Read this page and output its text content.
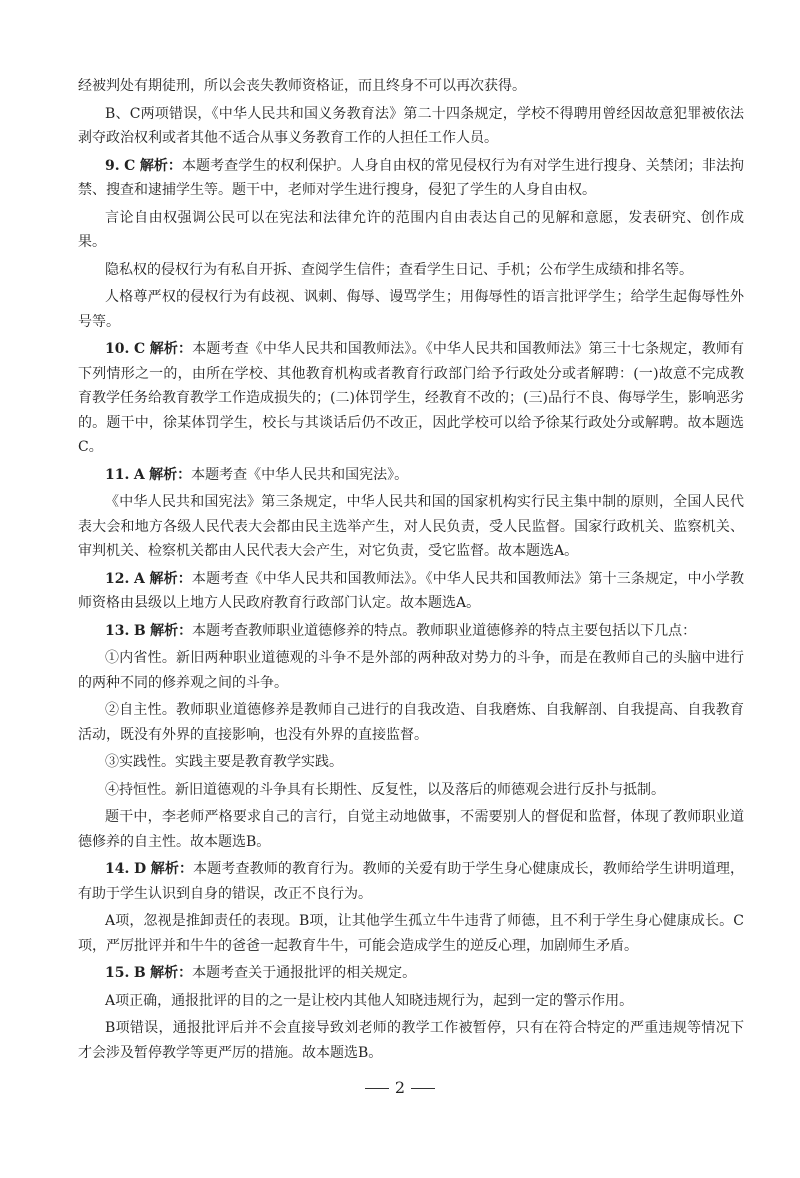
经被判处有期徒刑，所以会丧失教师资格证，而且终身不可以再次获得。

B、C两项错误，《中华人民共和国义务教育法》第二十四条规定，学校不得聘用曾经因故意犯罪被依法剥夺政治权利或者其他不适合从事义务教育工作的人担任工作人员。

9. C 解析：本题考查学生的权利保护。人身自由权的常见侵权行为有对学生进行搜身、关禁闭；非法拘禁、搜查和逮捕学生等。题干中，老师对学生进行搜身，侵犯了学生的人身自由权。

言论自由权强调公民可以在宪法和法律允许的范围内自由表达自己的见解和意愿，发表研究、创作成果。

隐私权的侵权行为有私自开拆、查阅学生信件；查看学生日记、手机；公布学生成绩和排名等。

人格尊严权的侵权行为有歧视、讽刺、侮辱、谩骂学生；用侮辱性的语言批评学生；给学生起侮辱性外号等。

10. C 解析：本题考查《中华人民共和国教师法》。《中华人民共和国教师法》第三十七条规定，教师有下列情形之一的，由所在学校、其他教育机构或者教育行政部门给予行政处分或者解聘：(一)故意不完成教育教学任务给教育教学工作造成损失的；(二)体罚学生，经教育不改的；(三)品行不良、侮辱学生，影响恶劣的。题干中，徐某体罚学生，校长与其谈话后仍不改正，因此学校可以给予徐某行政处分或解聘。故本题选C。

11. A 解析：本题考查《中华人民共和国宪法》。

《中华人民共和国宪法》第三条规定，中华人民共和国的国家机构实行民主集中制的原则，全国人民代表大会和地方各级人民代表大会都由民主选举产生，对人民负责，受人民监督。国家行政机关、监察机关、审判机关、检察机关都由人民代表大会产生，对它负责，受它监督。故本题选A。

12. A 解析：本题考查《中华人民共和国教师法》。《中华人民共和国教师法》第十三条规定，中小学教师资格由县级以上地方人民政府教育行政部门认定。故本题选A。

13. B 解析：本题考查教师职业道德修养的特点。教师职业道德修养的特点主要包括以下几点：

①内省性。新旧两种职业道德观的斗争不是外部的两种敌对势力的斗争，而是在教师自己的头脑中进行的两种不同的修养观之间的斗争。

②自主性。教师职业道德修养是教师自己进行的自我改造、自我磨炼、自我解剖、自我提高、自我教育活动，既没有外界的直接影响，也没有外界的直接监督。

③实践性。实践主要是教育教学实践。

④持恒性。新旧道德观的斗争具有长期性、反复性，以及落后的师德观会进行反扑与抵制。

题干中，李老师严格要求自己的言行，自觉主动地做事，不需要别人的督促和监督，体现了教师职业道德修养的自主性。故本题选B。

14. D 解析：本题考查教师的教育行为。教师的关爱有助于学生身心健康成长，教师给学生讲明道理，有助于学生认识到自身的错误，改正不良行为。

A项，忽视是推卸责任的表现。B项，让其他学生孤立牛牛违背了师德，且不利于学生身心健康成长。C项，严厉批评并和牛牛的爸爸一起教育牛牛，可能会造成学生的逆反心理，加剧师生矛盾。

15. B 解析：本题考查关于通报批评的相关规定。

A项正确，通报批评的目的之一是让校内其他人知晓违规行为，起到一定的警示作用。

B项错误，通报批评后并不会直接导致刘老师的教学工作被暂停，只有在符合特定的严重违规等情况下才会涉及暂停教学等更严厉的措施。故本题选B。

2
